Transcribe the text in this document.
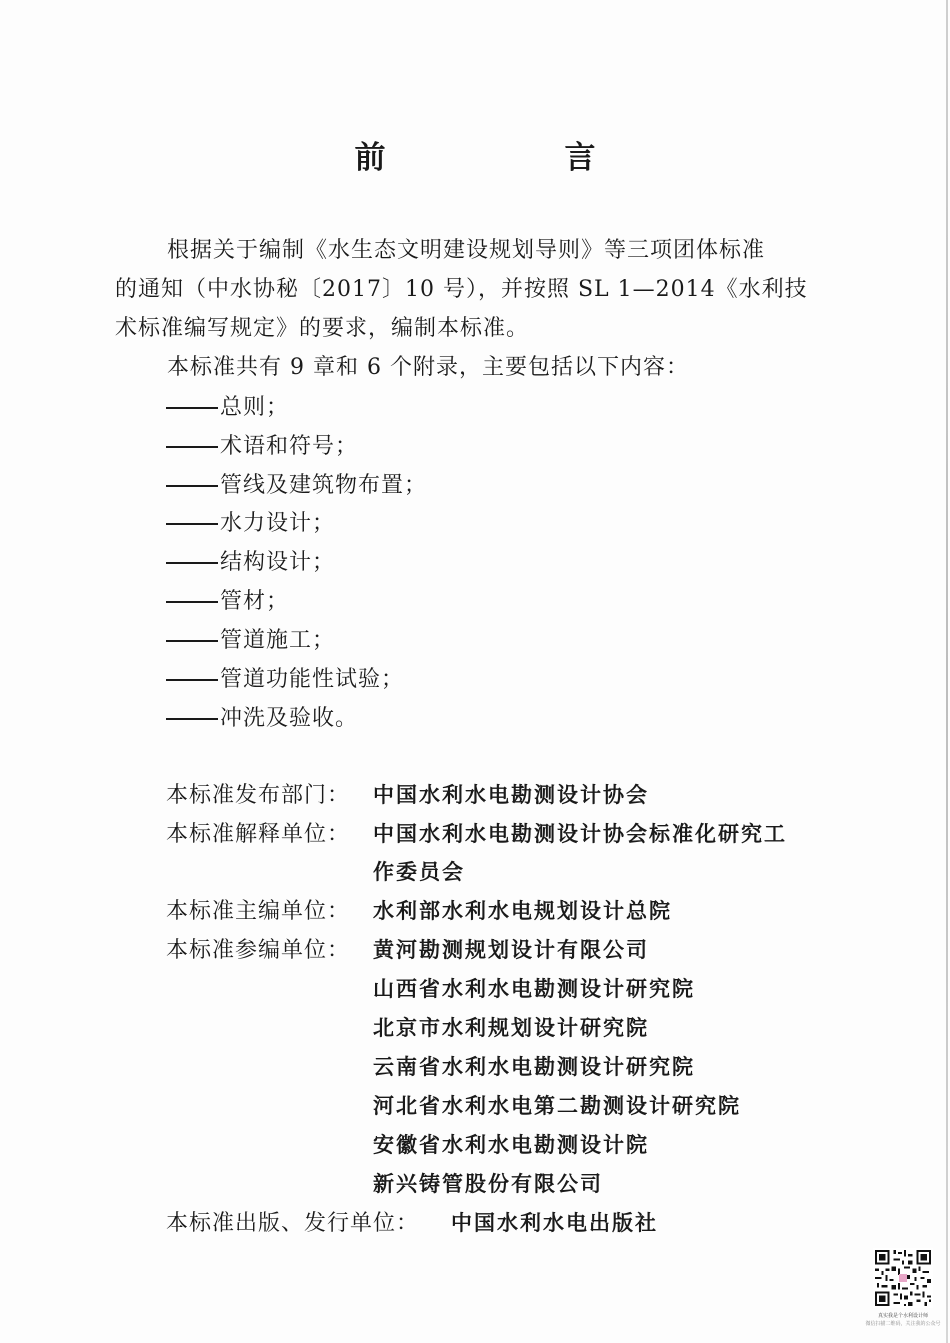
前　言
根据关于编制《水生态文明建设规划导则》等三项团体标准
的通知（中水协秘〔2017〕10 号），并按照 SL 1—2014《水利技
术标准编写规定》的要求，编制本标准。
本标准共有 9 章和 6 个附录，主要包括以下内容：
总则；
术语和符号；
管线及建筑物布置；
水力设计；
结构设计；
管材；
管道施工；
管道功能性试验；
冲洗及验收。
本标准发布部门： 中国水利水电勘测设计协会
本标准解释单位： 中国水利水电勘测设计协会标准化研究工
作委员会
本标准主编单位： 水利部水利水电规划设计总院
本标准参编单位： 黄河勘测规划设计有限公司
山西省水利水电勘测设计研究院
北京市水利规划设计研究院
云南省水利水电勘测设计研究院
河北省水利水电第二勘测设计研究院
安徽省水利水电勘测设计院
新兴铸管股份有限公司
本标准出版、发行单位： 中国水利水电出版社
真实我是个水利设计师
微信扫描二维码，关注我的公众号
